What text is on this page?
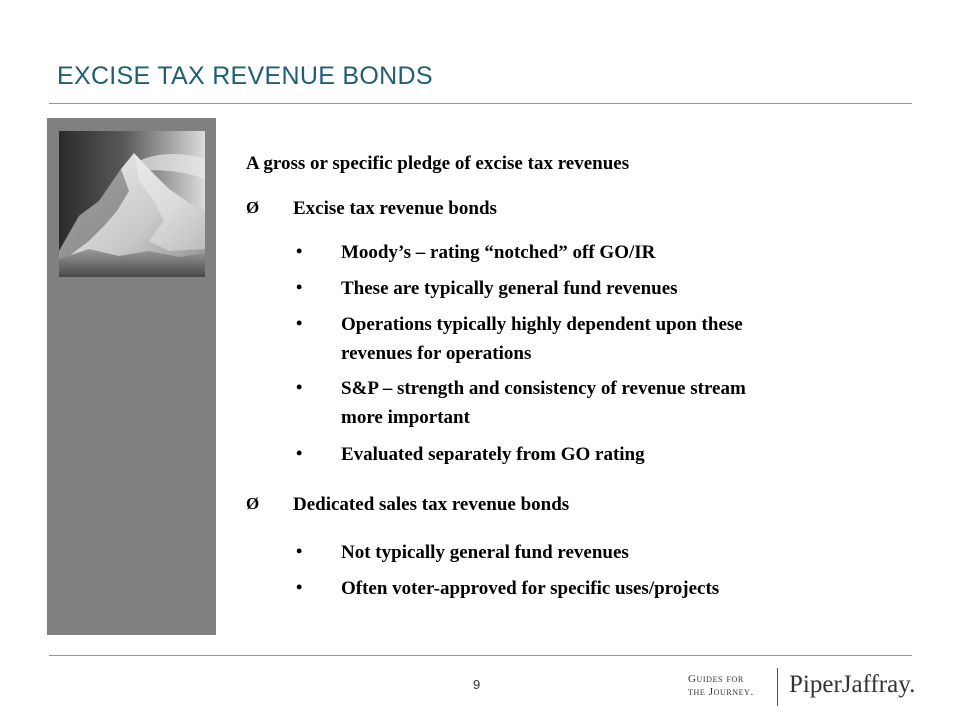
EXCISE TAX REVENUE BONDS
A gross or specific pledge of excise tax revenues
Ø Excise tax revenue bonds
• Moody’s – rating “notched” off GO/IR
• These are typically general fund revenues
• Operations typically highly dependent upon these
revenues for operations
• S&P – strength and consistency of revenue stream
more important
• Evaluated separately from GO rating
Ø Dedicated sales tax revenue bonds
• Not typically general fund revenues
• Often voter-approved for specific uses/projects
9	Guides for
the Journey. PiperJaffray.
